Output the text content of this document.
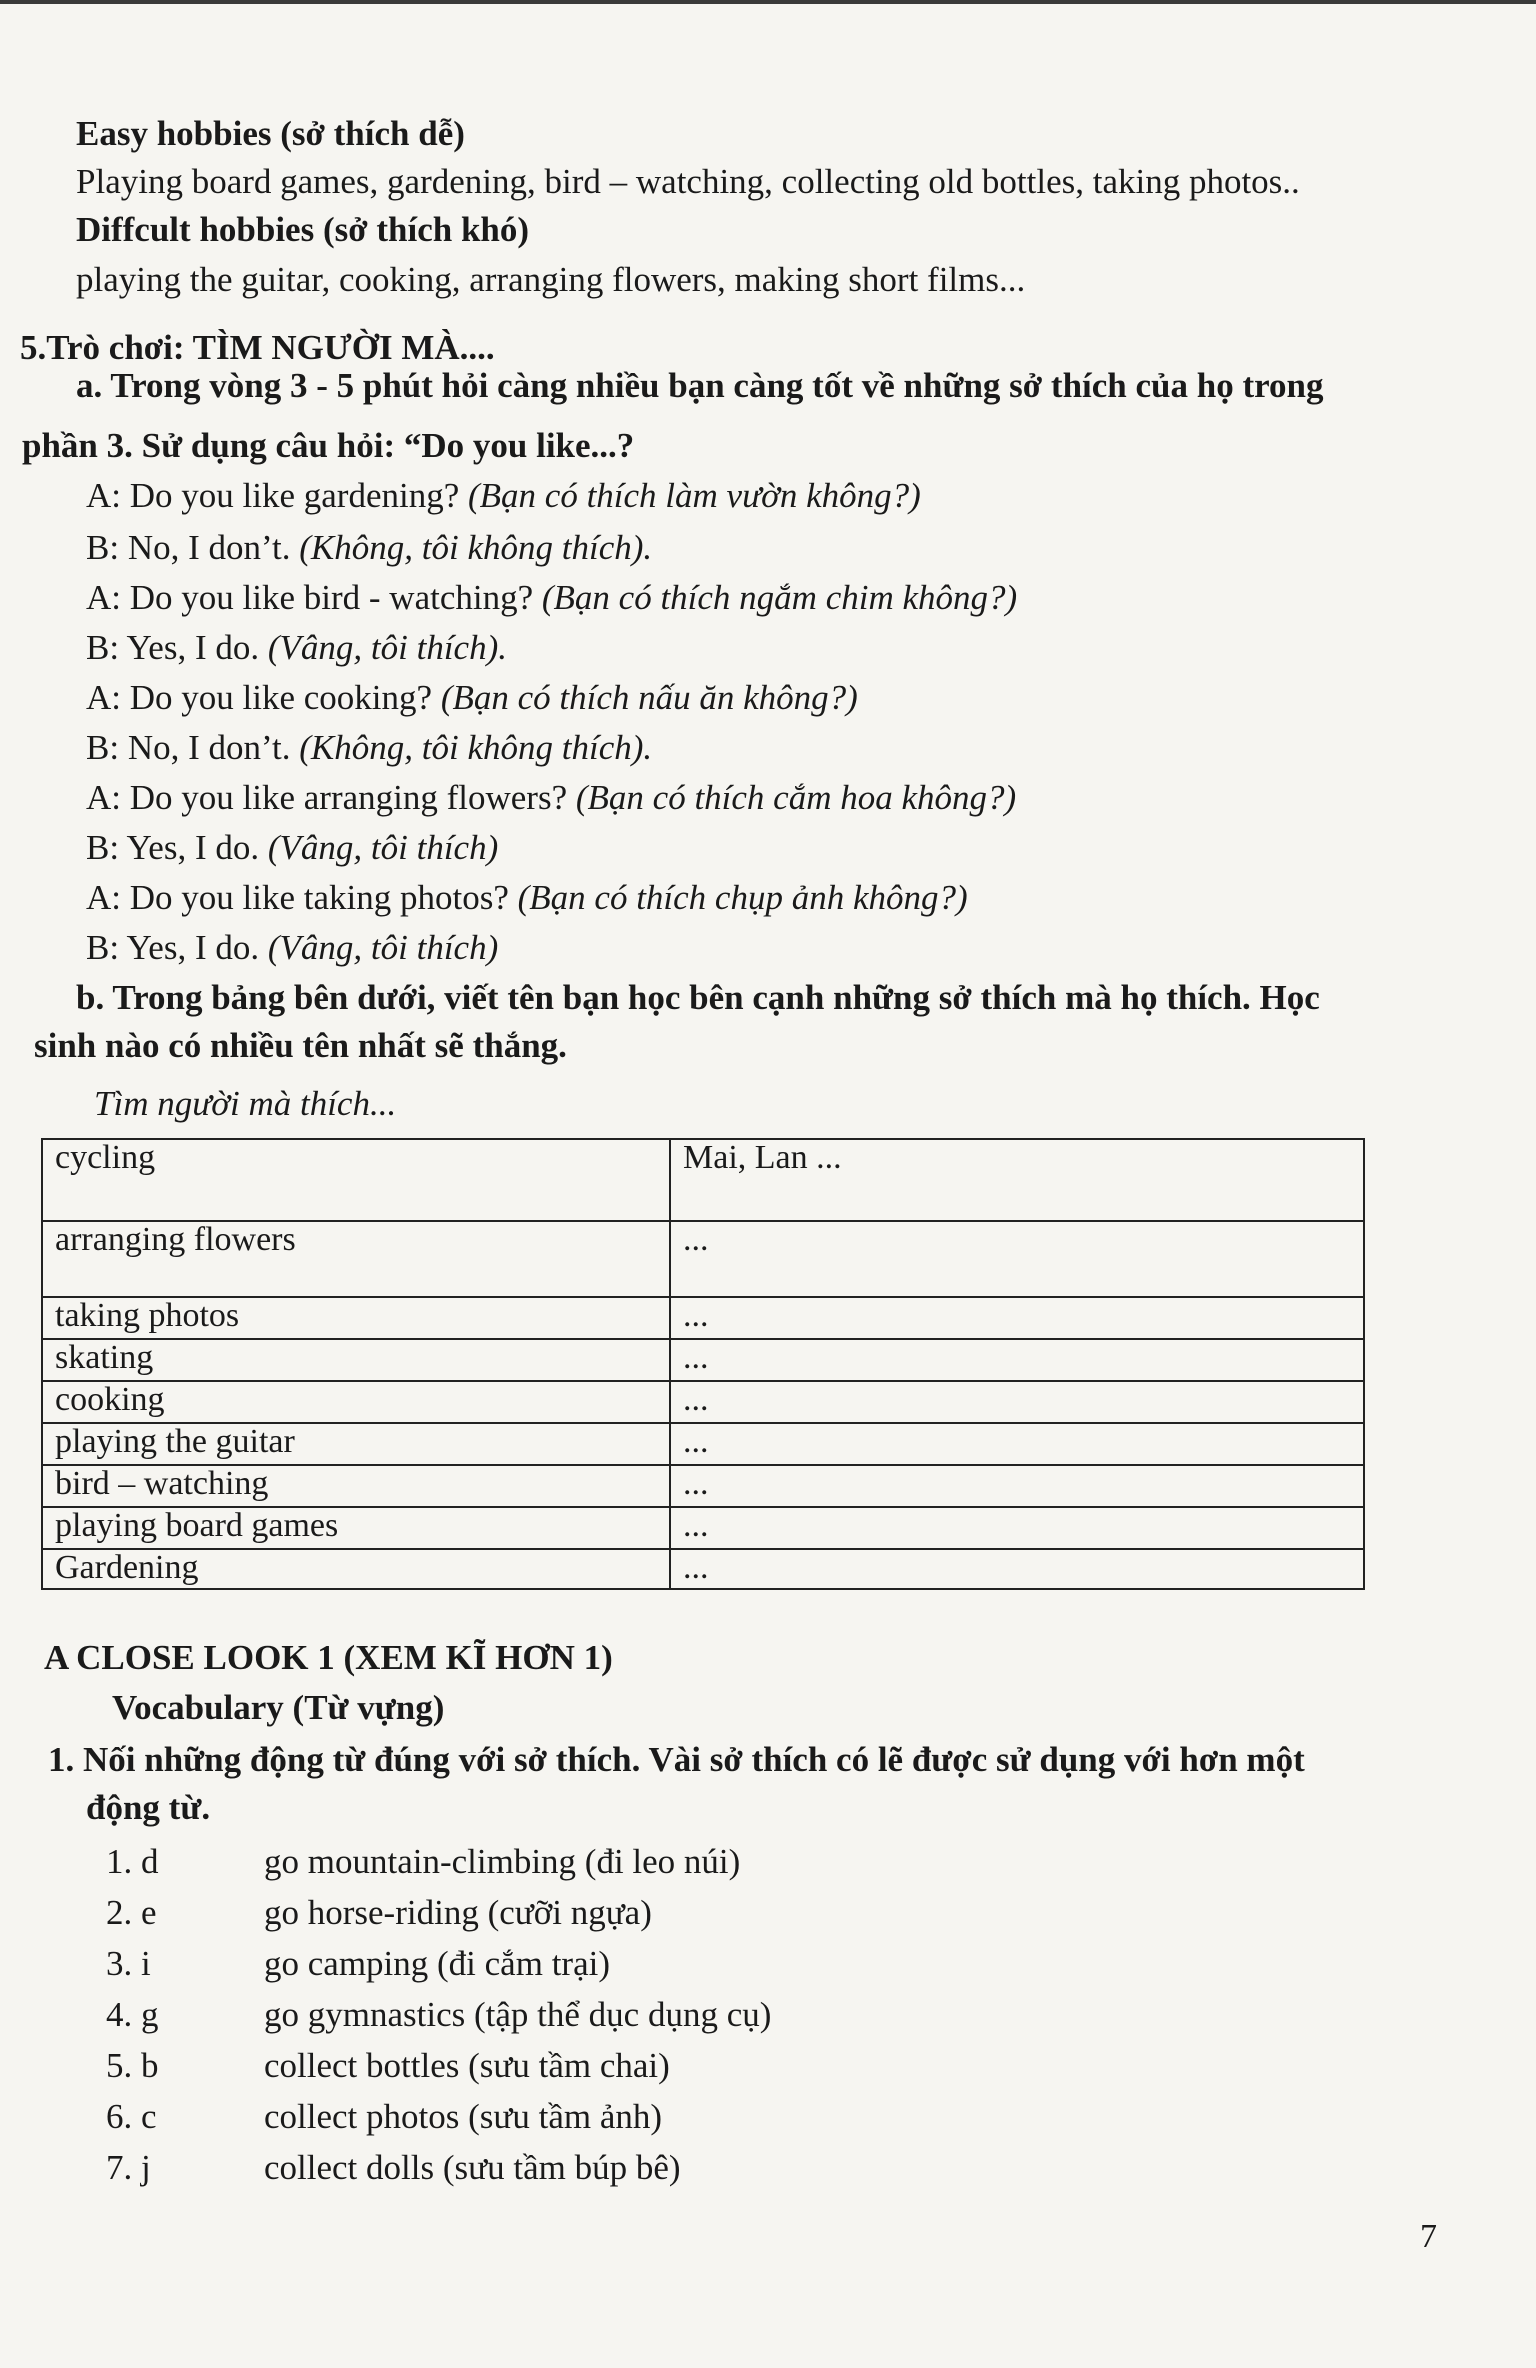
Easy hobbies (sở thích dễ)
Playing board games, gardening, bird – watching, collecting old bottles, taking photos..
Diffcult hobbies (sở thích khó)
playing the guitar, cooking, arranging flowers, making short films...
5.Trò chơi: TÌM NGƯỜI MÀ....
a. Trong vòng 3 - 5 phút hỏi càng nhiều bạn càng tốt về những sở thích của họ trong
phần 3. Sử dụng câu hỏi: “Do you like...?
A: Do you like gardening? (Bạn có thích làm vườn không?)
B: No, I don’t. (Không, tôi không thích).
A: Do you like bird - watching? (Bạn có thích ngắm chim không?)
B: Yes, I do. (Vâng, tôi thích).
A: Do you like cooking? (Bạn có thích nấu ăn không?)
B: No, I don’t. (Không, tôi không thích).
A: Do you like arranging flowers? (Bạn có thích cắm hoa không?)
B: Yes, I do. (Vâng, tôi thích)
A: Do you like taking photos? (Bạn có thích chụp ảnh không?)
B: Yes, I do. (Vâng, tôi thích)
b. Trong bảng bên dưới, viết tên bạn học bên cạnh những sở thích mà họ thích. Học
sinh nào có nhiều tên nhất sẽ thắng.
Tìm người mà thích...
cycling	Mai, Lan ...
arranging flowers	...
taking photos	...
skating	...
cooking	...
playing the guitar	...
bird – watching	...
playing board games	...
Gardening	...
A CLOSE LOOK 1 (XEM KĨ HƠN 1)
Vocabulary (Từ vựng)
1. Nối những động từ đúng với sở thích. Vài sở thích có lẽ được sử dụng với hơn một
động từ.
1. d	go mountain-climbing (đi leo núi)
2. e	go horse-riding (cưỡi ngựa)
3. i	go camping (đi cắm trại)
4. g	go gymnastics (tập thể dục dụng cụ)
5. b	collect bottles (sưu tầm chai)
6. c	collect photos (sưu tầm ảnh)
7. j	collect dolls (sưu tầm búp bê)
7
